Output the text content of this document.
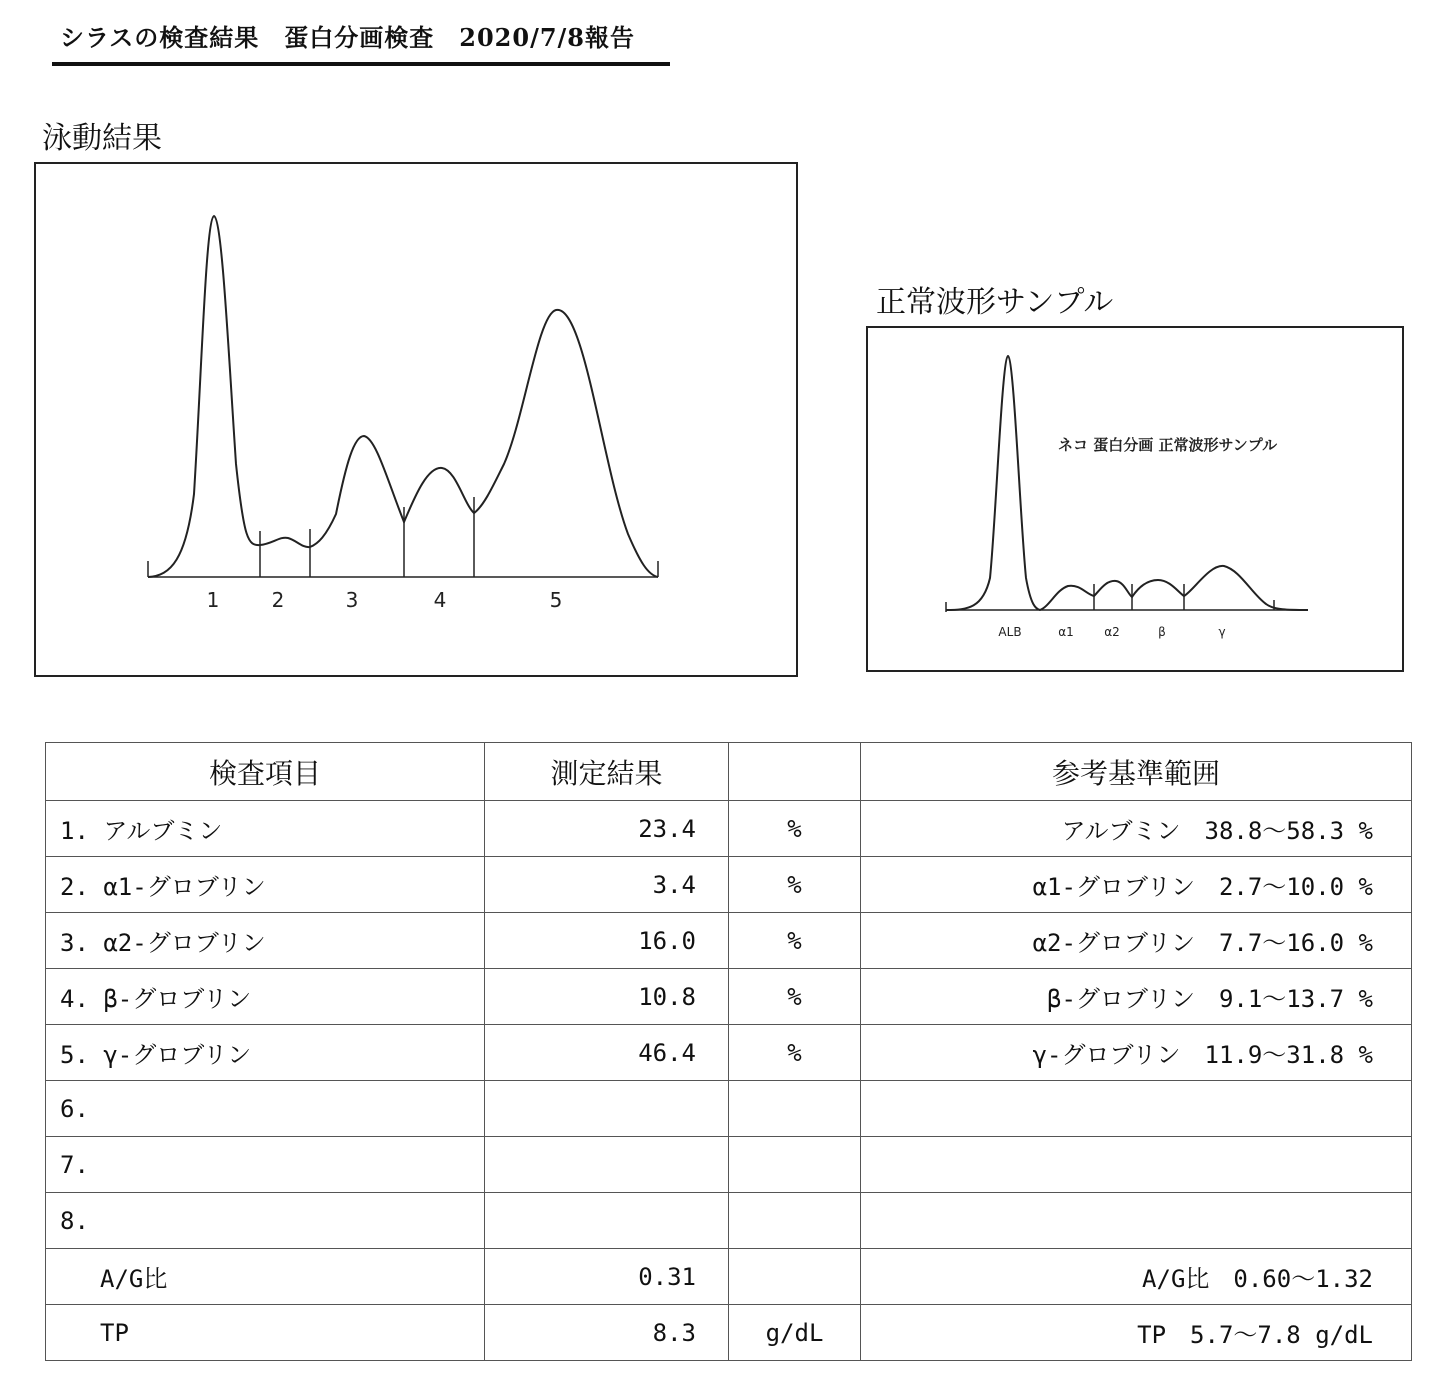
シラスの検査結果　蛋白分画検査　2020/7/8報告
泳動結果
1	2	3	4	5
正常波形サンプル
ネコ 蛋白分画 正常波形サンプル
ALB	α1	α2	β	γ
検査項目	測定結果		参考基準範囲
1. アルブミン	23.4	%	アルブミン　38.8〜58.3 %
2. α1-グロブリン	3.4	%	α1-グロブリン　2.7〜10.0 %
3. α2-グロブリン	16.0	%	α2-グロブリン　7.7〜16.0 %
4. β-グロブリン	10.8	%	β-グロブリン　9.1〜13.7 %
5. γ-グロブリン	46.4	%	γ-グロブリン　11.9〜31.8 %
6.			
7.			
8.			
A/G比	0.31		A/G比　0.60〜1.32
TP	8.3	g/dL	TP　5.7〜7.8 g/dL
